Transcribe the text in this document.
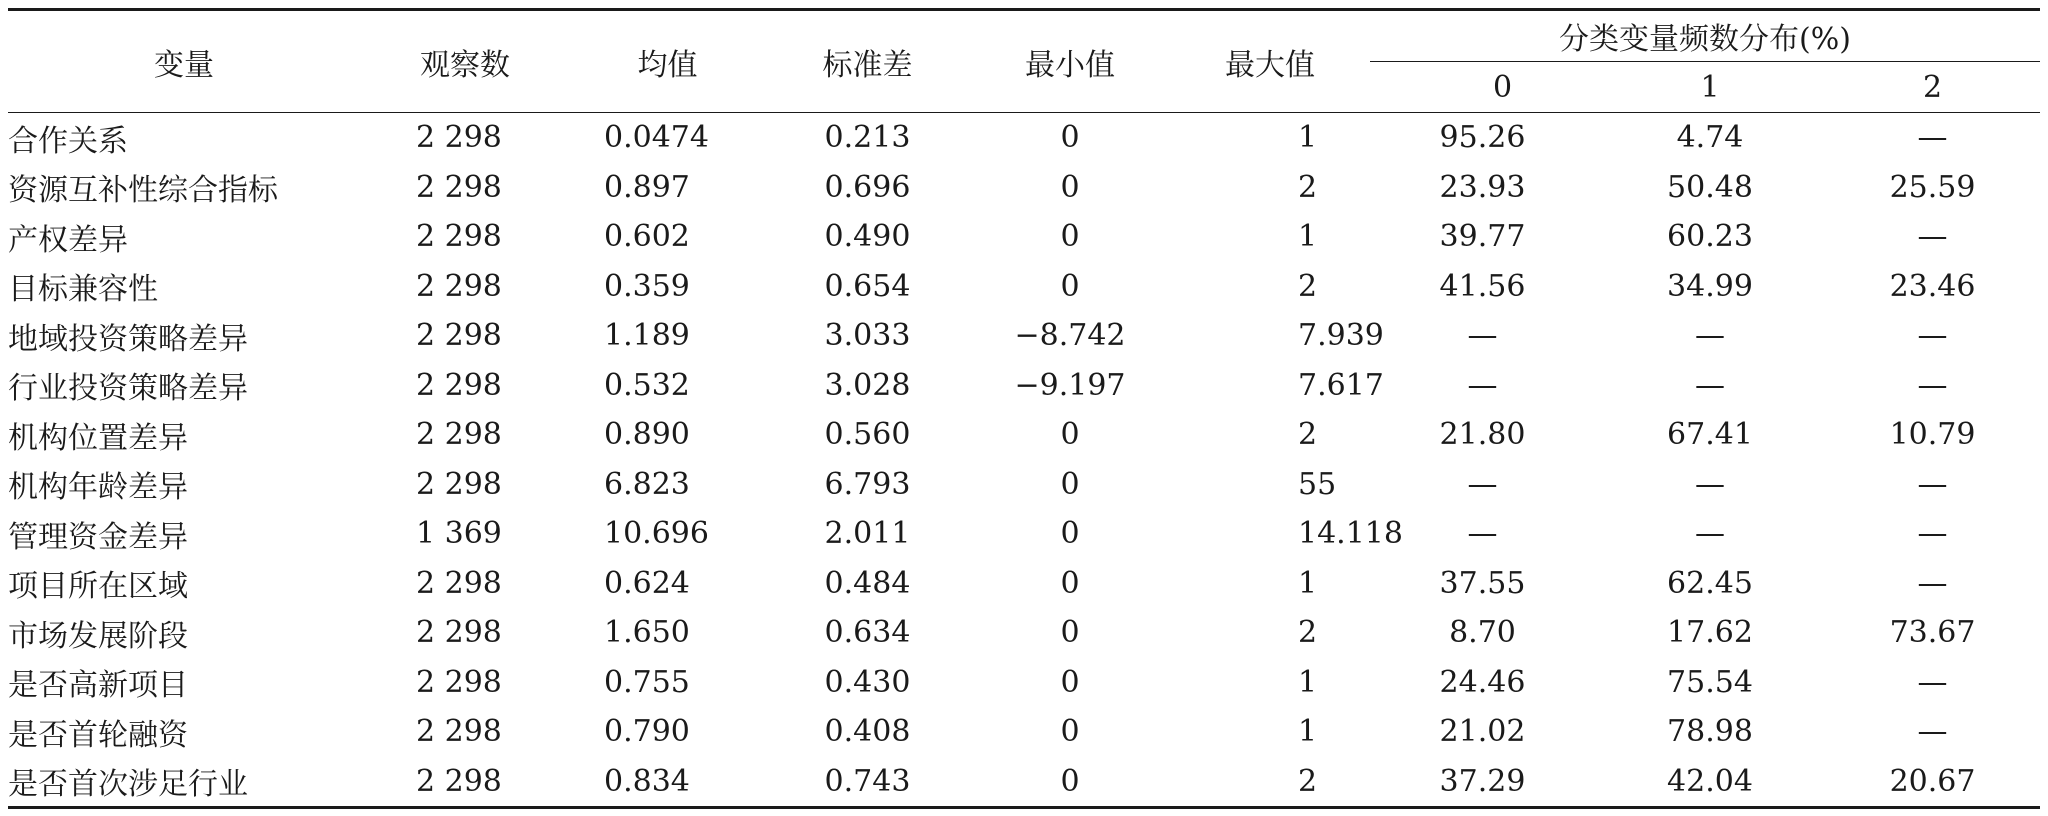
变量	观察数	均值	标准差	最小值	最大值	分类变量频数分布(%)		
						0	1	2
合作关系	2 298	0.0474	0.213	0	1	95.26	4.74	—
资源互补性综合指标	2 298	0.897	0.696	0	2	23.93	50.48	25.59
产权差异	2 298	0.602	0.490	0	1	39.77	60.23	—
目标兼容性	2 298	0.359	0.654	0	2	41.56	34.99	23.46
地域投资策略差异	2 298	1.189	3.033	−8.742	7.939	—	—	—
行业投资策略差异	2 298	0.532	3.028	−9.197	7.617	—	—	—
机构位置差异	2 298	0.890	0.560	0	2	21.80	67.41	10.79
机构年龄差异	2 298	6.823	6.793	0	55	—	—	—
管理资金差异	1 369	10.696	2.011	0	14.118	—	—	—
项目所在区域	2 298	0.624	0.484	0	1	37.55	62.45	—
市场发展阶段	2 298	1.650	0.634	0	2	8.70	17.62	73.67
是否高新项目	2 298	0.755	0.430	0	1	24.46	75.54	—
是否首轮融资	2 298	0.790	0.408	0	1	21.02	78.98	—
是否首次涉足行业	2 298	0.834	0.743	0	2	37.29	42.04	20.67
